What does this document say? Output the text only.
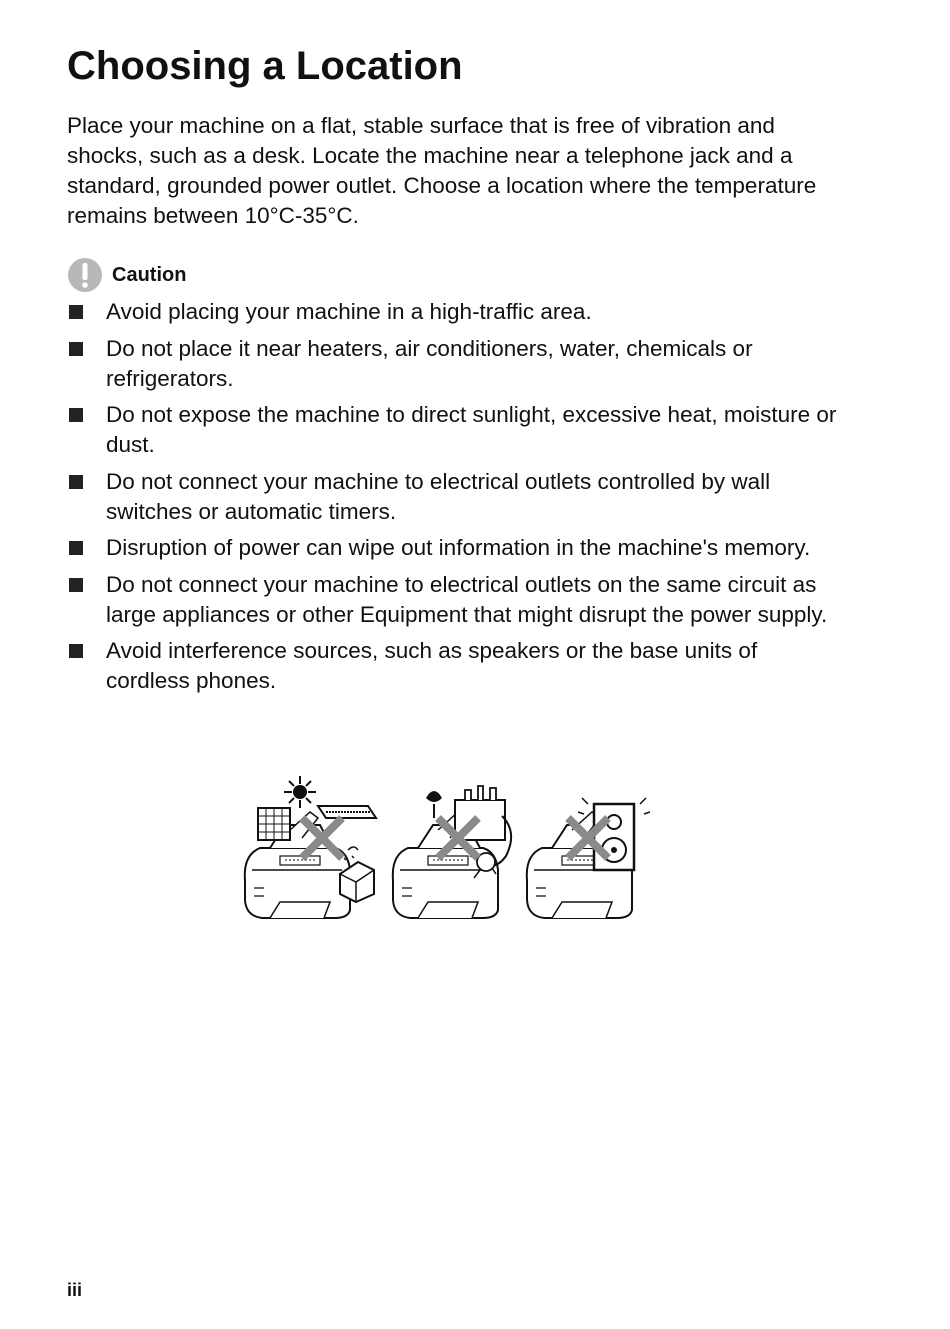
Choosing a Location

Place your machine on a flat, stable surface that is free of vibration and shocks, such as a desk. Locate the machine near a telephone jack and a standard, grounded power outlet. Choose a location where the temperature remains between 10°C-35°C.

Caution
Avoid placing your machine in a high-traffic area.
Do not place it near heaters, air conditioners, water, chemicals or refrigerators.
Do not expose the machine to direct sunlight, excessive heat, moisture or dust.
Do not connect your machine to electrical outlets controlled by wall switches or automatic timers.
Disruption of power can wipe out information in the machine's memory.
Do not connect your machine to electrical outlets on the same circuit as large appliances or other Equipment that might disrupt the power supply.
Avoid interference sources, such as speakers or the base units of cordless phones.
iii
